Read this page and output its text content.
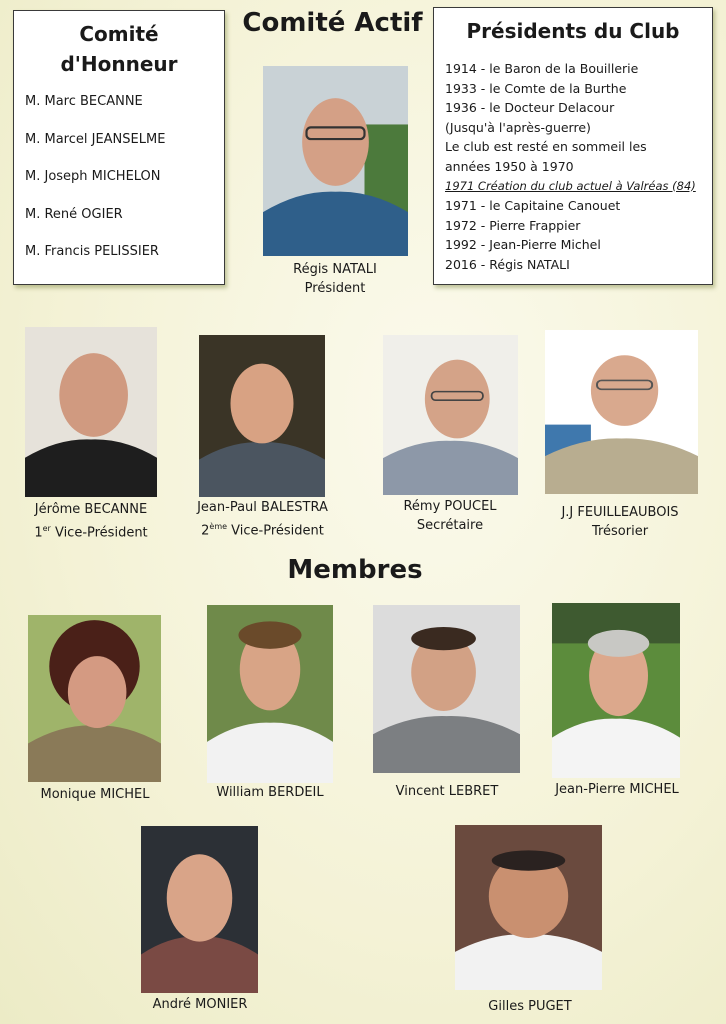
Comité
d'Honneur
M. Marc BECANNE
M. Marcel JEANSELME
M. Joseph MICHELON
M. René OGIER
M. Francis PELISSIER
Comité Actif	Présidents du Club
1914 - le Baron de la Bouillerie
1933 - le Comte de la Burthe
1936 - le Docteur Delacour
(Jusqu'à l'après-guerre)
Le club est resté en sommeil les
années 1950 à 1970
1971 Création du club actuel à Valréas (84)
1971 - le Capitaine Canouet
1972 - Pierre Frappier
1992 - Jean-Pierre Michel
2016 - Régis NATALI
Régis NATALI
Président
Jérôme BECANNE
1er Vice-Président
Jean-Paul BALESTRA
2ème Vice-Président
Rémy POUCEL
Secrétaire
J.J FEUILLEAUBOIS
Trésorier
Membres
Monique MICHEL	William BERDEIL	Vincent LEBRET	Jean-Pierre MICHEL
André MONIER	Gilles PUGET
